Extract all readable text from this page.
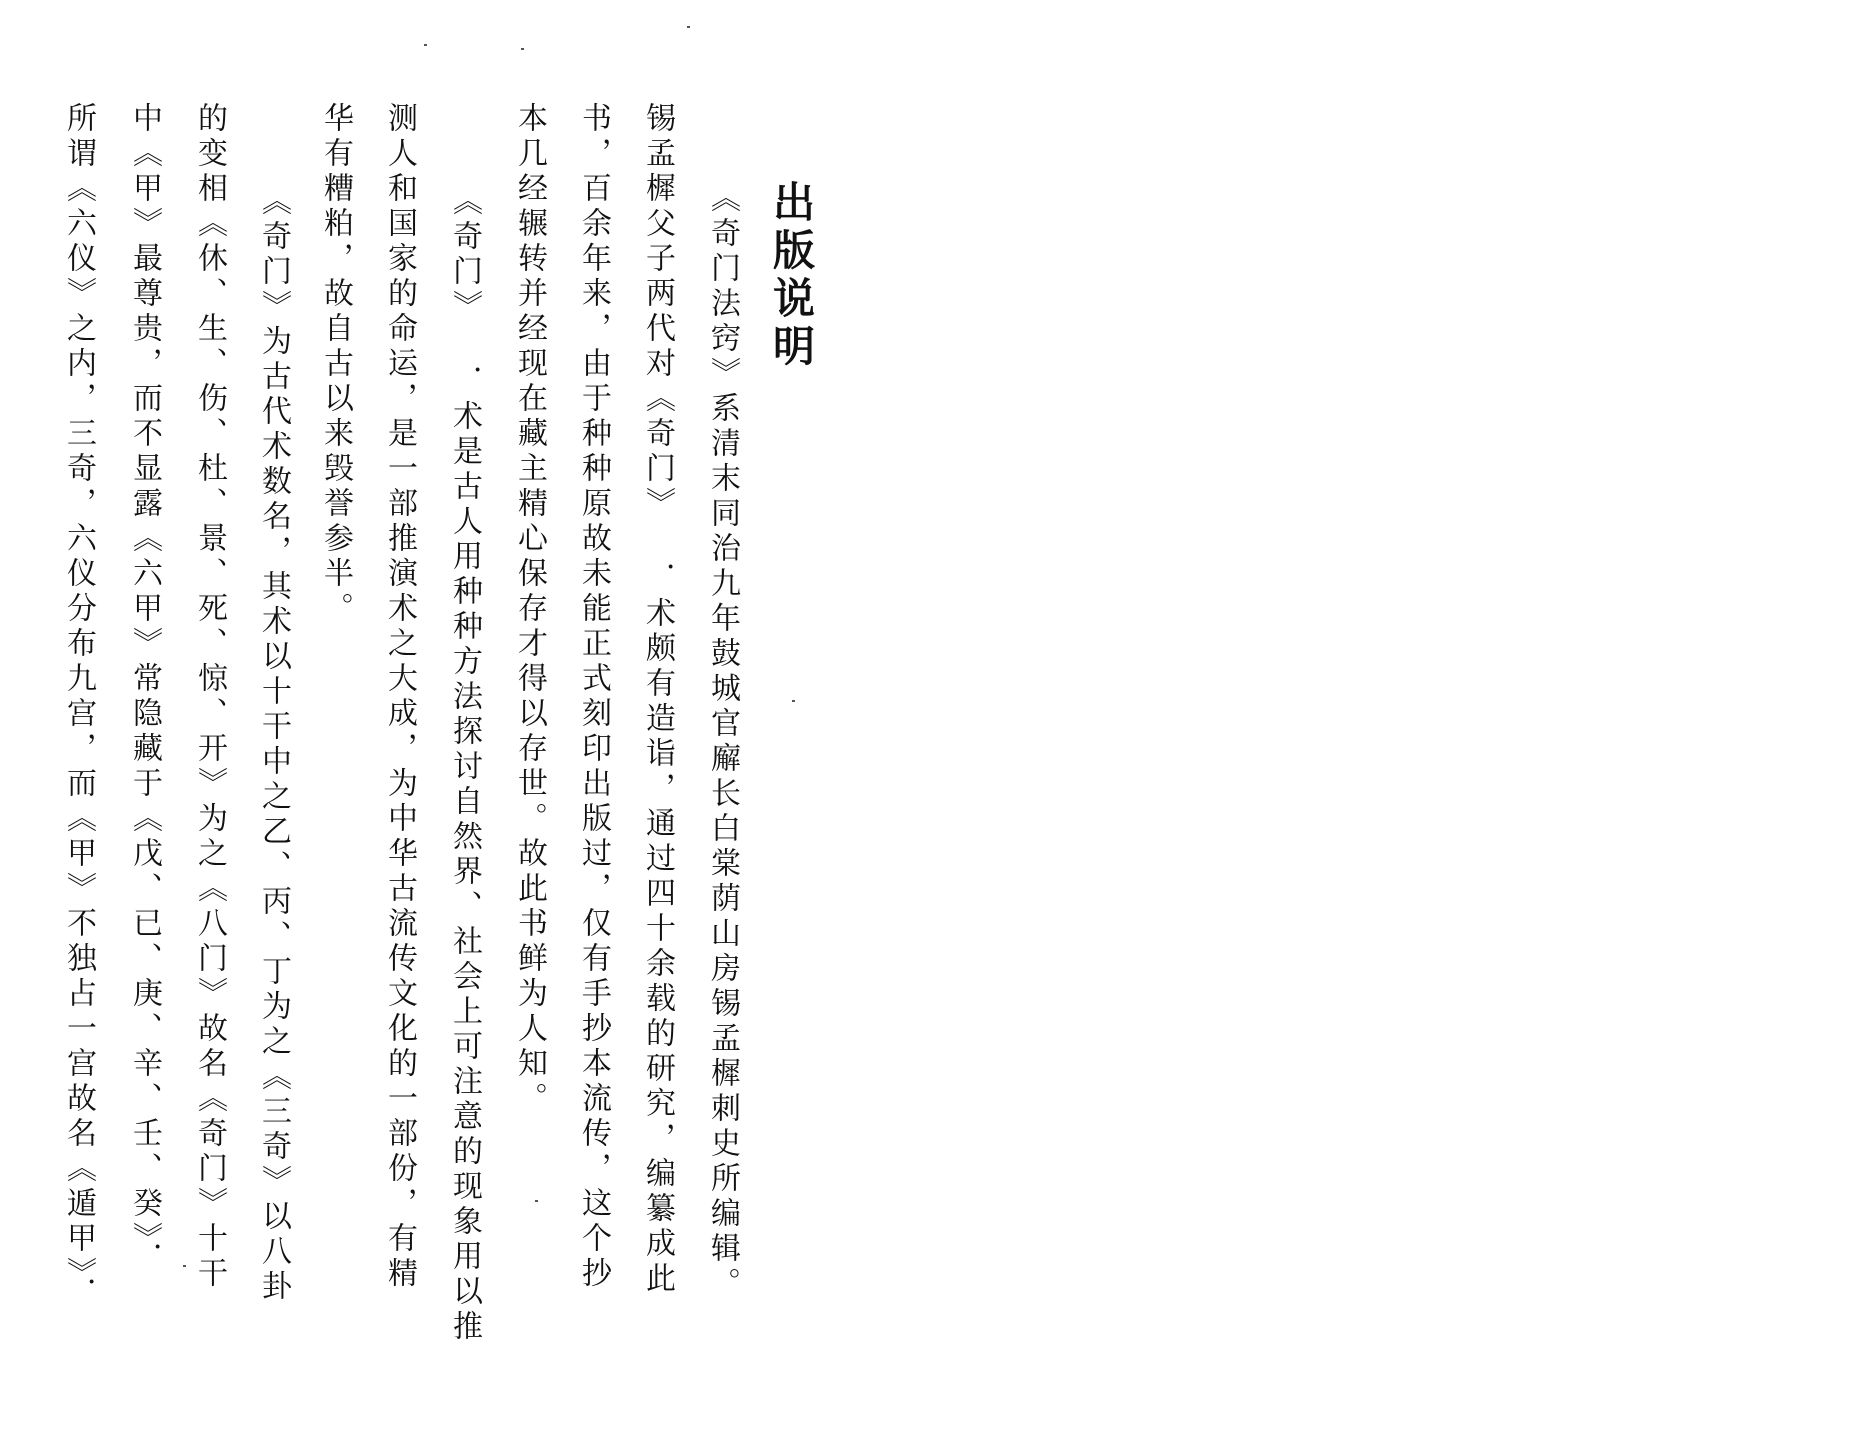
出版说明
《奇门法窍》系清末同治九年鼓城官廨长白棠荫山房锡孟樨刺史所编辑。
锡孟樨父子两代对《奇门》 ．术颇有造诣，通过四十余载的研究，编纂成此
书，百余年来，由于种种原故未能正式刻印出版过，仅有手抄本流传，这个抄
本几经辗转并经现在藏主精心保存才得以存世。故此书鲜为人知。
《奇门》 ．术是古人用种种方法探讨自然界、社会上可注意的现象用以推
测人和国家的命运，是一部推演术之大成，为中华古流传文化的一部份，有精
华有糟粕，故自古以来毁誉参半。
《奇门》为古代术数名，其术以十干中之乙、丙、丁为之《三奇》以八卦
的变相《休、生、伤、杜、景、死、惊、开》为之《八门》故名《奇门》十干
中《甲》最尊贵，而不显露《六甲》常隐藏于《戊、已、庚、辛、壬、癸》．
所谓《六仪》之内，三奇，六仪分布九宫，而《甲》不独占一宫故名《遁甲》．
